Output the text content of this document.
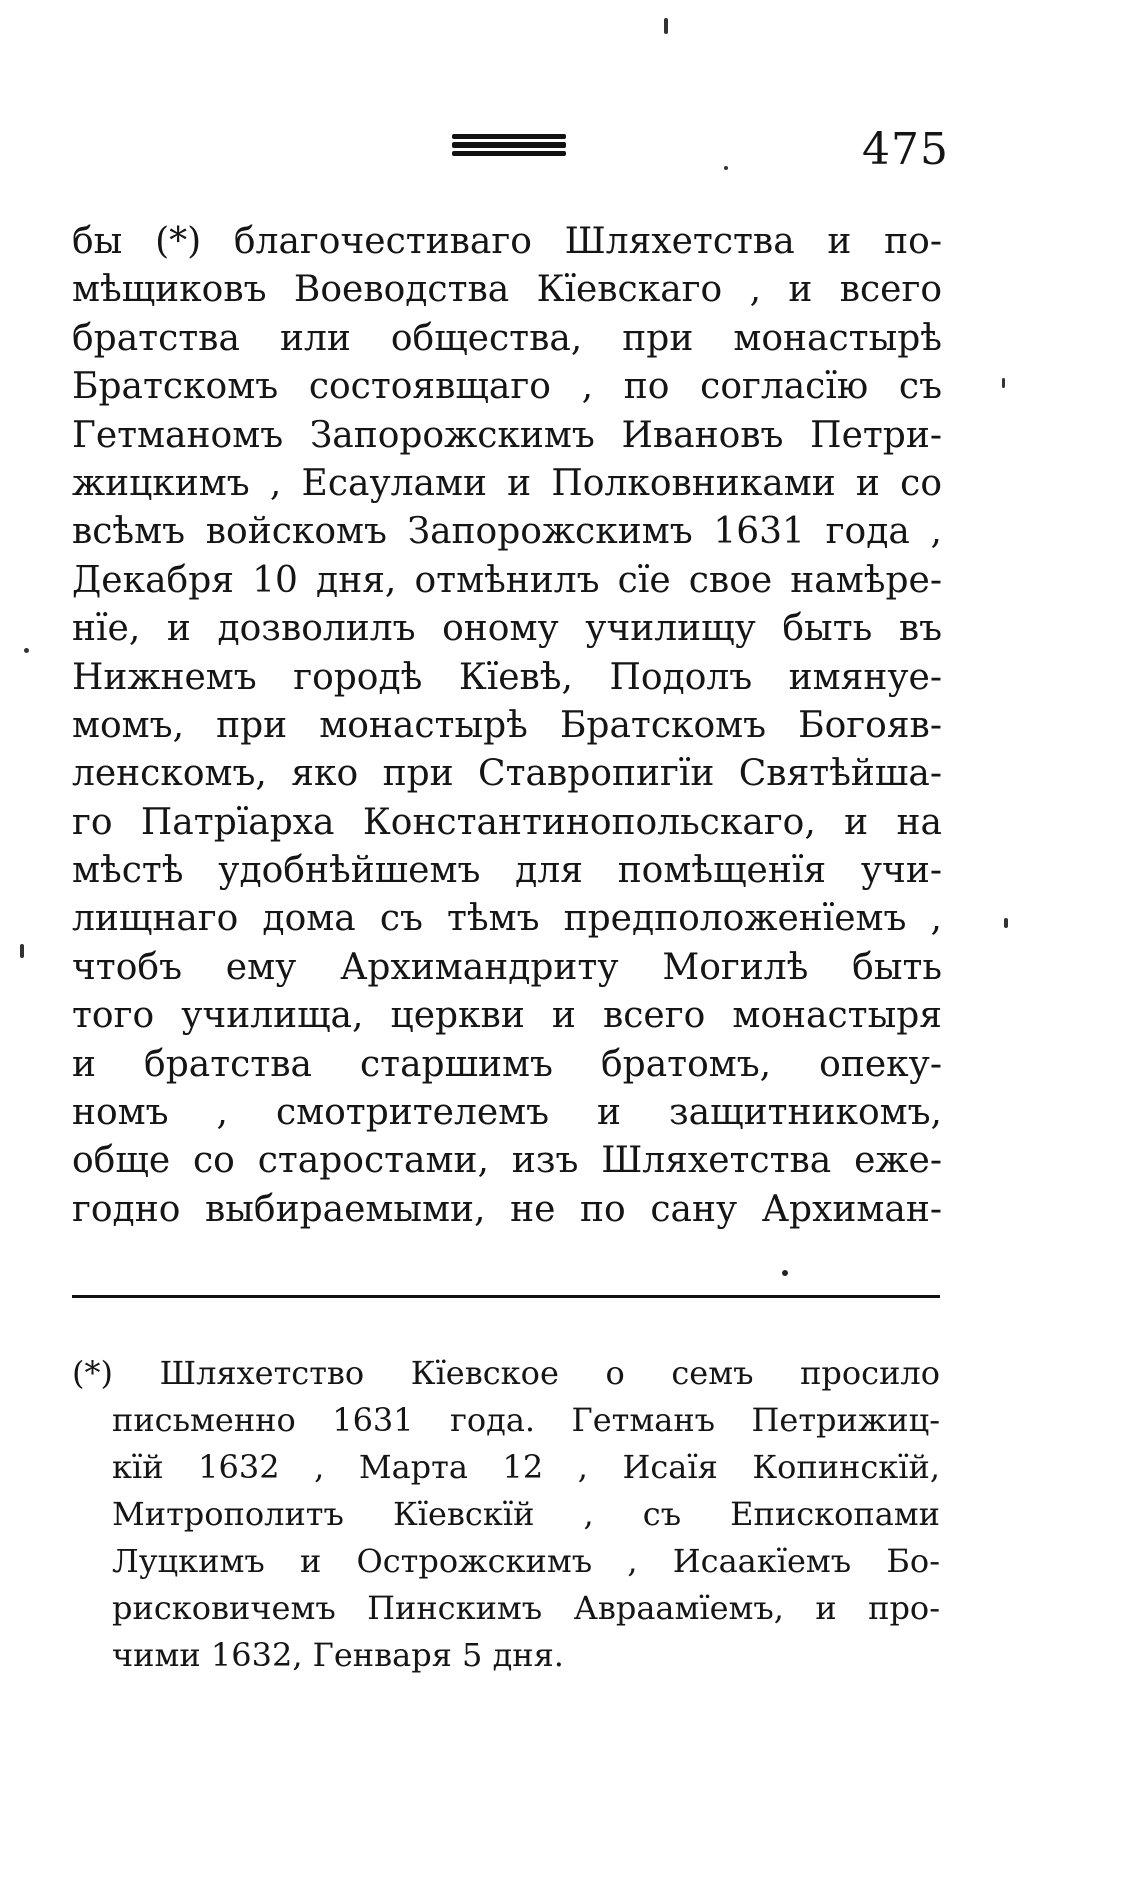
475
бы (*) благочестиваго Шляхетства и по-
мѣщиковъ Воеводства Кïевскаго , и всего
братства или общества, при монастырѣ
Братскомъ состоявщаго , по согласïю съ
Гетманомъ Запорожскимъ Ивановъ Петри-
жицкимъ , Есаулами и Полковниками и со
всѣмъ войскомъ Запорожскимъ 1631 года ,
Декабря 10 дня, отмѣнилъ сïе свое намѣре-
нïе, и дозволилъ оному училищу быть въ
Нижнемъ городѣ Кïевѣ, Подолъ имянуе-
момъ, при монастырѣ Братскомъ Богояв-
ленскомъ, яко при Ставропигïи Святѣйша-
го Патрïарха Константинопольскаго, и на
мѣстѣ удобнѣйшемъ для помѣщенïя учи-
лищнаго дома съ тѣмъ предположенïемъ ,
чтобъ ему Архимандриту Могилѣ быть
того училища, церкви и всего монастыря
и братства старшимъ братомъ, опеку-
номъ , смотрителемъ и защитникомъ,
обще со старостами, изъ Шляхетства еже-
годно выбираемыми, не по сану Архиман-
(*) Шляхетство Кïевское о семъ просило
письменно 1631 года. Гетманъ Петрижиц-
кïй 1632 , Марта 12 , Исаïя Копинскïй,
Митрополитъ Кïевскïй , съ Епископами
Луцкимъ и Острожскимъ , Исаакïемъ Бо-
рисковичемъ Пинскимъ Авраамïемъ, и про-
чими 1632, Генваря 5 дня.
